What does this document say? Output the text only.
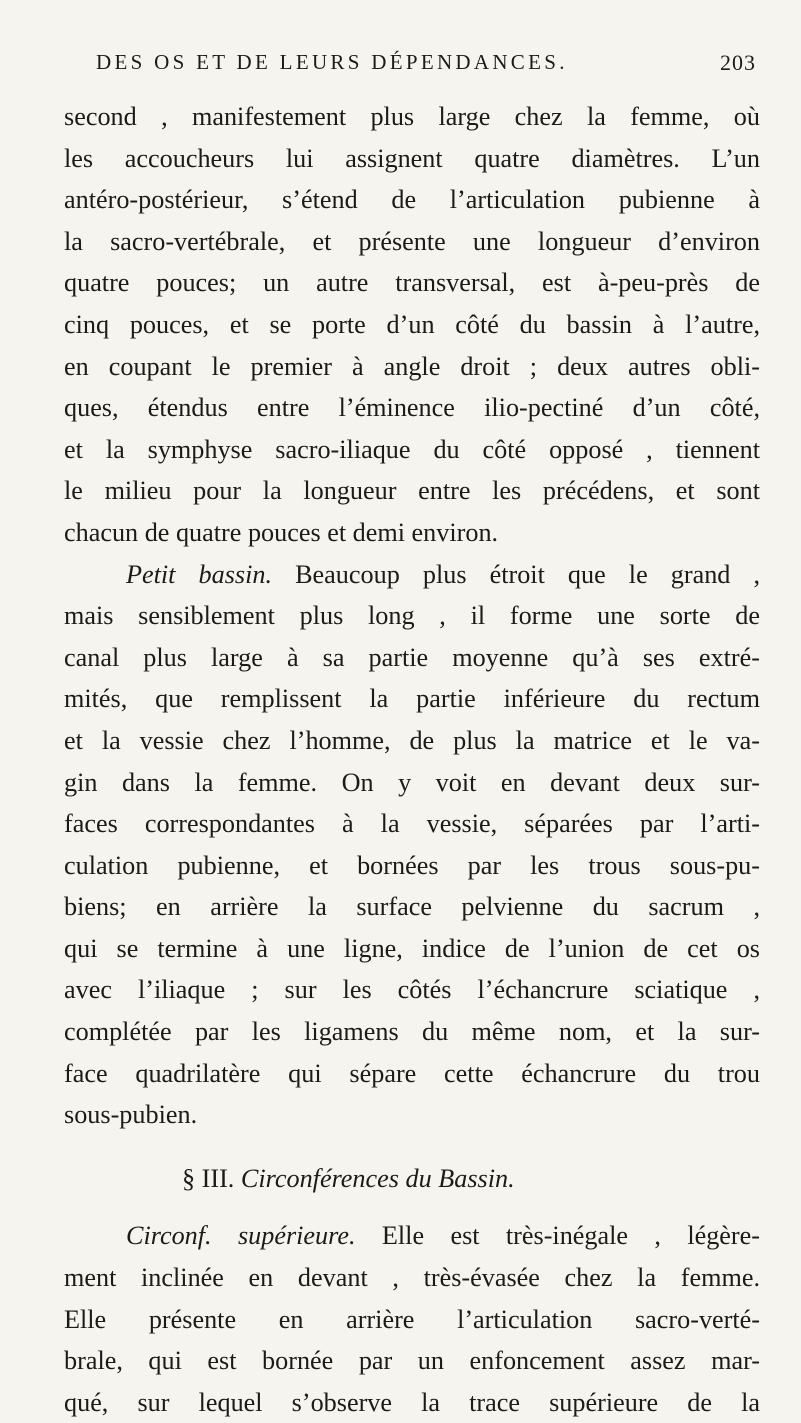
DES OS ET DE LEURS DÉPENDANCES.	203
second , manifestement plus large chez la femme, où
les accoucheurs lui assignent quatre diamètres. L’un
antéro-postérieur, s’étend de l’articulation pubienne à
la sacro-vertébrale, et présente une longueur d’environ
quatre pouces; un autre transversal, est à-peu-près de
cinq pouces, et se porte d’un côté du bassin à l’autre,
en coupant le premier à angle droit ; deux autres obli-
ques, étendus entre l’éminence ilio-pectiné d’un côté,
et la symphyse sacro-iliaque du côté opposé , tiennent
le milieu pour la longueur entre les précédens, et sont
chacun de quatre pouces et demi environ.
Petit bassin. Beaucoup plus étroit que le grand ,
mais sensiblement plus long , il forme une sorte de
canal plus large à sa partie moyenne qu’à ses extré-
mités, que remplissent la partie inférieure du rectum
et la vessie chez l’homme, de plus la matrice et le va-
gin dans la femme. On y voit en devant deux sur-
faces correspondantes à la vessie, séparées par l’arti-
culation pubienne, et bornées par les trous sous-pu-
biens; en arrière la surface pelvienne du sacrum ,
qui se termine à une ligne, indice de l’union de cet os
avec l’iliaque ; sur les côtés l’échancrure sciatique ,
complétée par les ligamens du même nom, et la sur-
face quadrilatère qui sépare cette échancrure du trou
sous-pubien.
§ III. Circonférences du Bassin.
Circonf. supérieure. Elle est très-inégale , légère-
ment inclinée en devant , très-évasée chez la femme.
Elle présente en arrière l’articulation sacro-verté-
brale, qui est bornée par un enfoncement assez mar-
qué, sur lequel s’observe la trace supérieure de la
